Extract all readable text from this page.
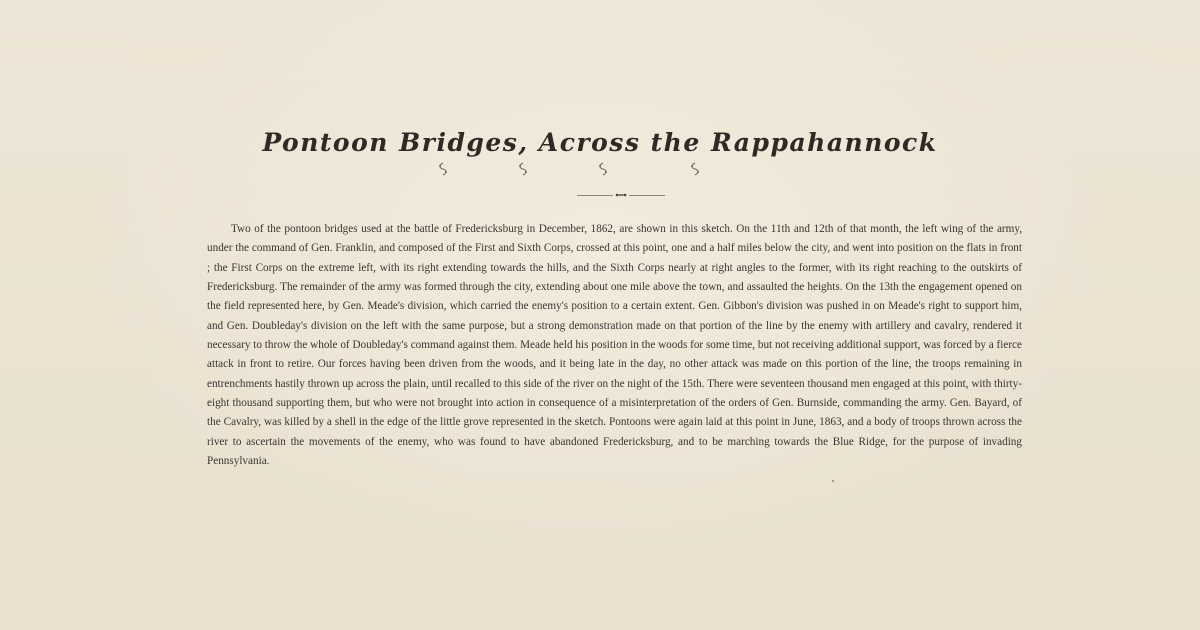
Pontoon Bridges, Across the Rappahannock

Two of the pontoon bridges used at the battle of Fredericksburg in December, 1862, are shown in this sketch. On the 11th and 12th of that month, the left wing of the army, under the command of Gen. Franklin, and composed of the First and Sixth Corps, crossed at this point, one and a half miles below the city, and went into position on the flats in front ; the First Corps on the extreme left, with its right extending towards the hills, and the Sixth Corps nearly at right angles to the former, with its right reaching to the outskirts of Fredericksburg. The remainder of the army was formed through the city, extending about one mile above the town, and assaulted the heights. On the 13th the engagement opened on the field represented here, by Gen. Meade's division, which carried the enemy's position to a certain extent. Gen. Gibbon's division was pushed in on Meade's right to support him, and Gen. Doubleday's division on the left with the same purpose, but a strong demonstration made on that portion of the line by the enemy with artillery and cavalry, rendered it necessary to throw the whole of Doubleday's command against them. Meade held his position in the woods for some time, but not receiving additional support, was forced by a fierce attack in front to retire. Our forces having been driven from the woods, and it being late in the day, no other attack was made on this portion of the line, the troops remaining in entrenchments hastily thrown up across the plain, until recalled to this side of the river on the night of the 15th. There were seventeen thousand men engaged at this point, with thirty-eight thousand supporting them, but who were not brought into action in consequence of a misinterpretation of the orders of Gen. Burnside, commanding the army. Gen. Bayard, of the Cavalry, was killed by a shell in the edge of the little grove represented in the sketch. Pontoons were again laid at this point in June, 1863, and a body of troops thrown across the river to ascertain the movements of the enemy, who was found to have abandoned Fredericksburg, and to be marching towards the Blue Ridge, for the purpose of invading Pennsylvania.
